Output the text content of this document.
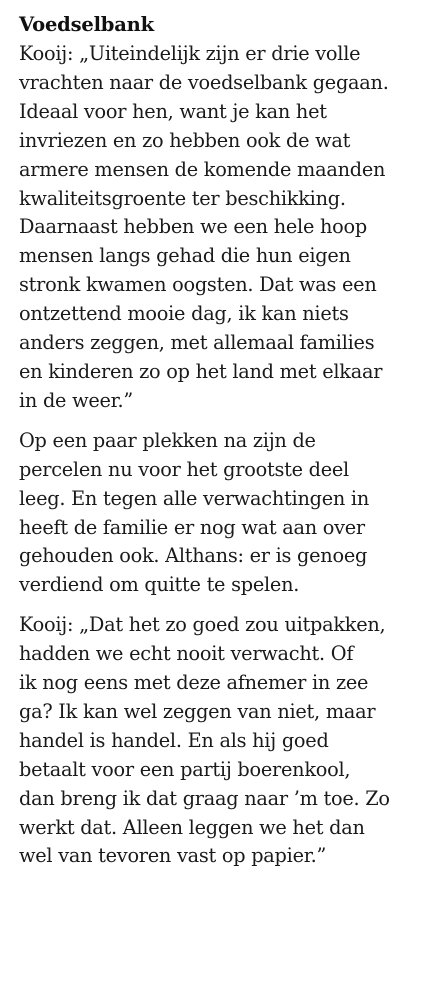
Voedselbank

Kooij: „Uiteindelijk zijn er drie volle
vrachten naar de voedselbank gegaan.
Ideaal voor hen, want je kan het
invriezen en zo hebben ook de wat
armere mensen de komende maanden
kwaliteitsgroente ter beschikking.
Daarnaast hebben we een hele hoop
mensen langs gehad die hun eigen
stronk kwamen oogsten. Dat was een
ontzettend mooie dag, ik kan niets
anders zeggen, met allemaal families
en kinderen zo op het land met elkaar
in de weer.”

Op een paar plekken na zijn de
percelen nu voor het grootste deel
leeg. En tegen alle verwachtingen in
heeft de familie er nog wat aan over
gehouden ook. Althans: er is genoeg
verdiend om quitte te spelen.

Kooij: „Dat het zo goed zou uitpakken,
hadden we echt nooit verwacht. Of
ik nog eens met deze afnemer in zee
ga? Ik kan wel zeggen van niet, maar
handel is handel. En als hij goed
betaalt voor een partij boerenkool,
dan breng ik dat graag naar ’m toe. Zo
werkt dat. Alleen leggen we het dan
wel van tevoren vast op papier.”
